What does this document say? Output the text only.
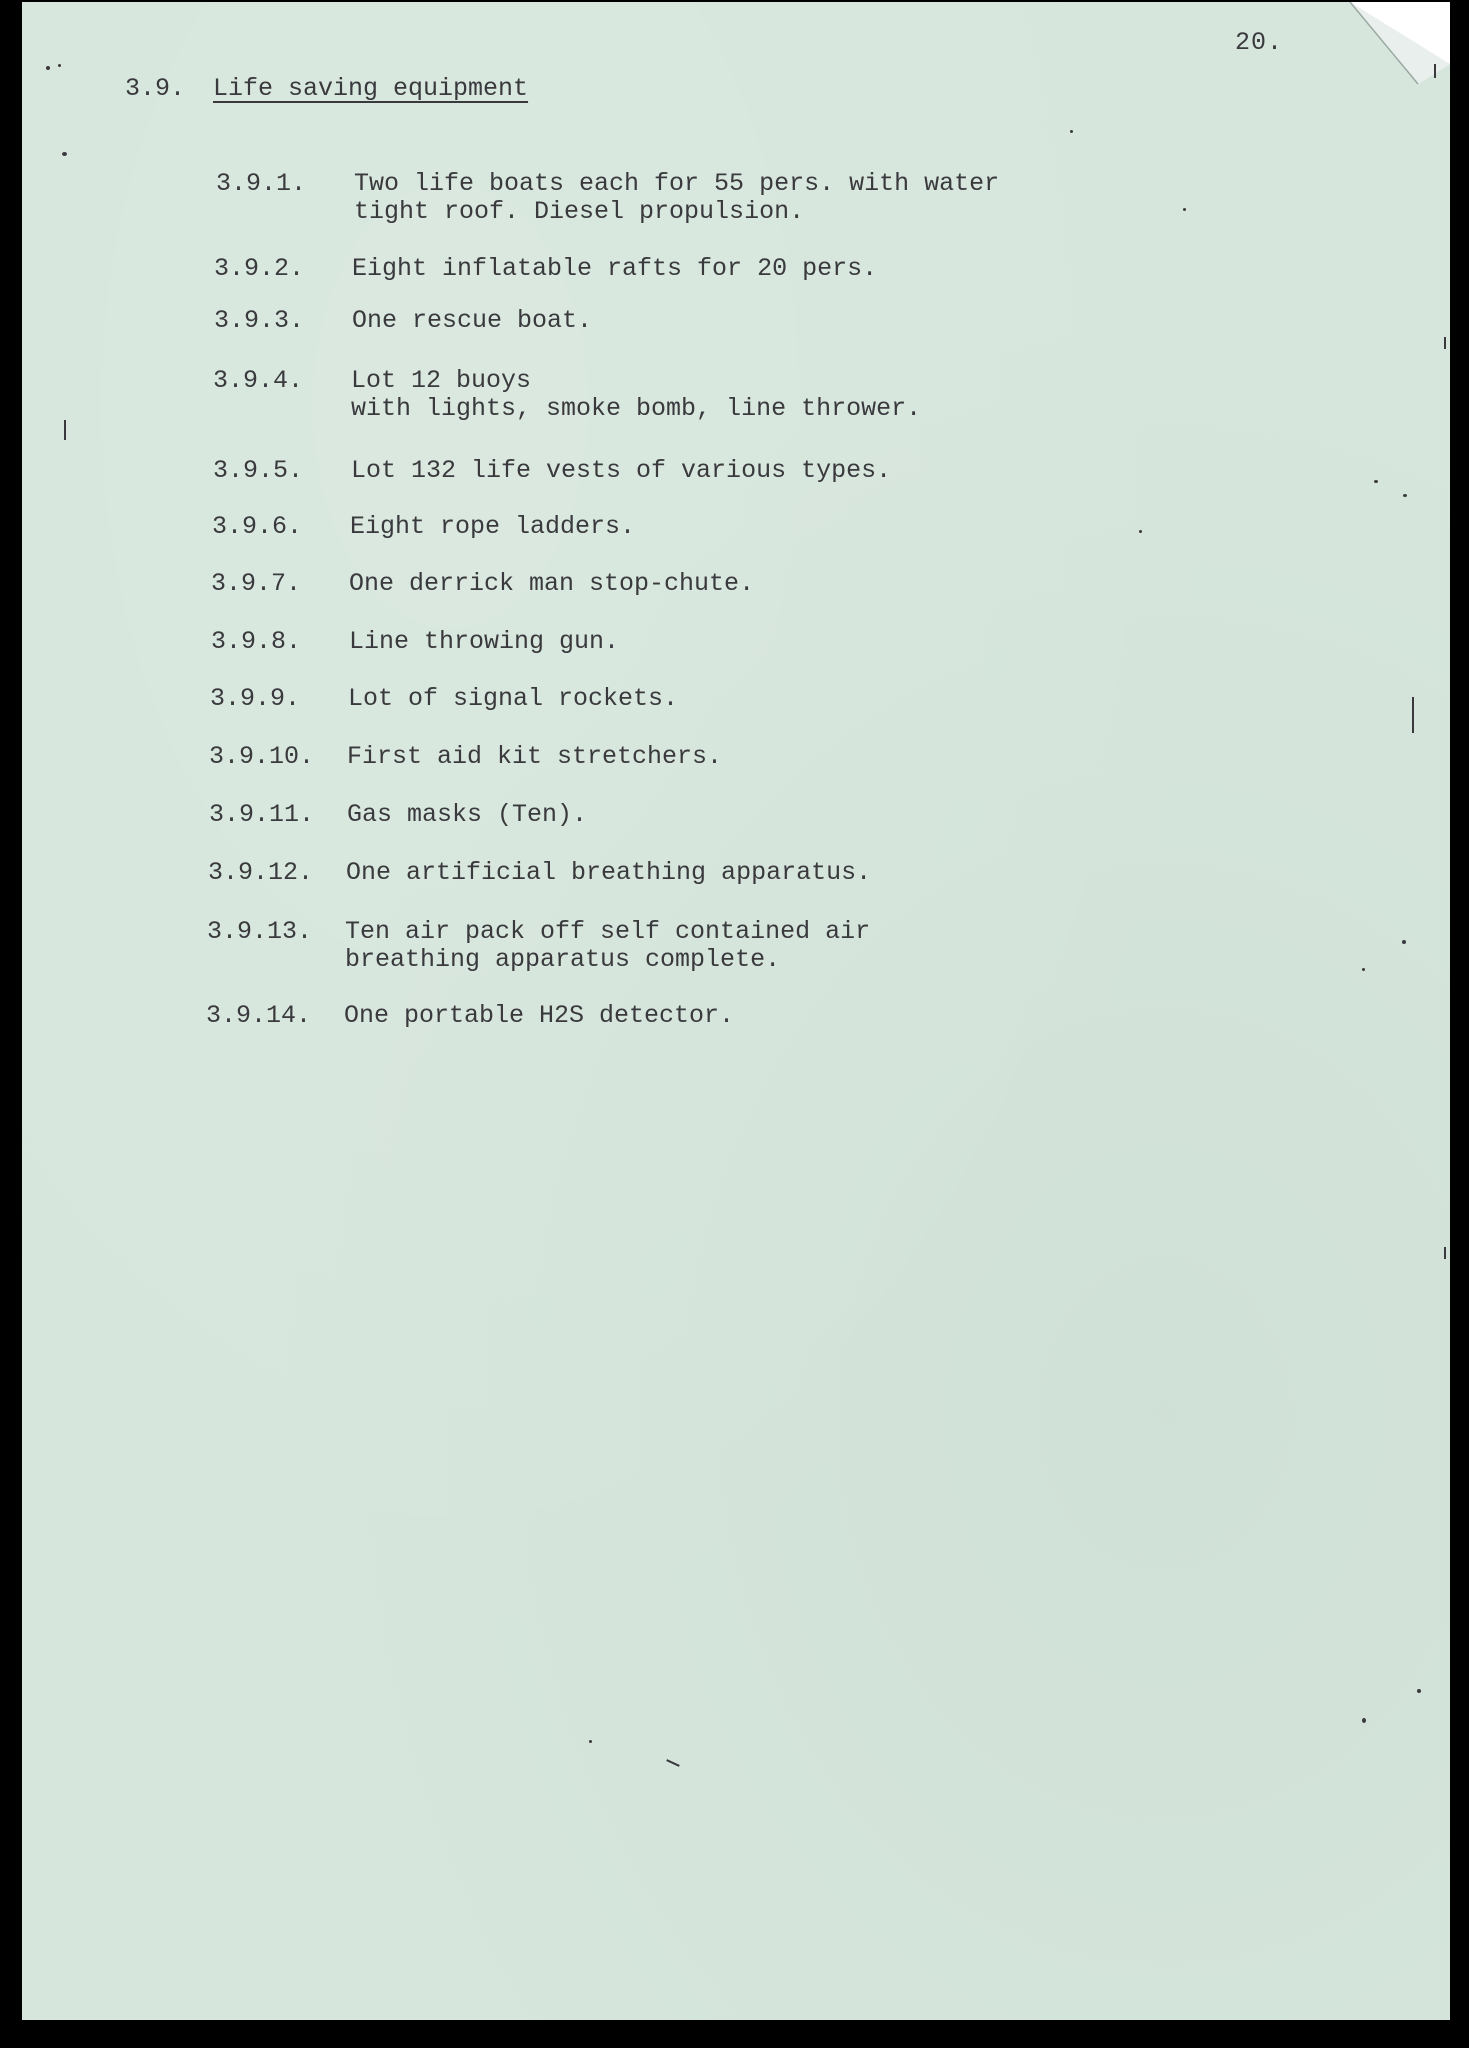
20.
3.9. Life saving equipment
3.9.1. Two life boats each for 55 pers. with water
tight roof. Diesel propulsion.
3.9.2. Eight inflatable rafts for 20 pers.
3.9.3. One rescue boat.
3.9.4. Lot 12 buoys
with lights, smoke bomb, line thrower.
3.9.5. Lot 132 life vests of various types.
3.9.6. Eight rope ladders.
3.9.7. One derrick man stop-chute.
3.9.8. Line throwing gun.
3.9.9. Lot of signal rockets.
3.9.10. First aid kit stretchers.
3.9.11. Gas masks (Ten).
3.9.12. One artificial breathing apparatus.
3.9.13. Ten air pack off self contained air
breathing apparatus complete.
3.9.14. One portable H2S detector.
